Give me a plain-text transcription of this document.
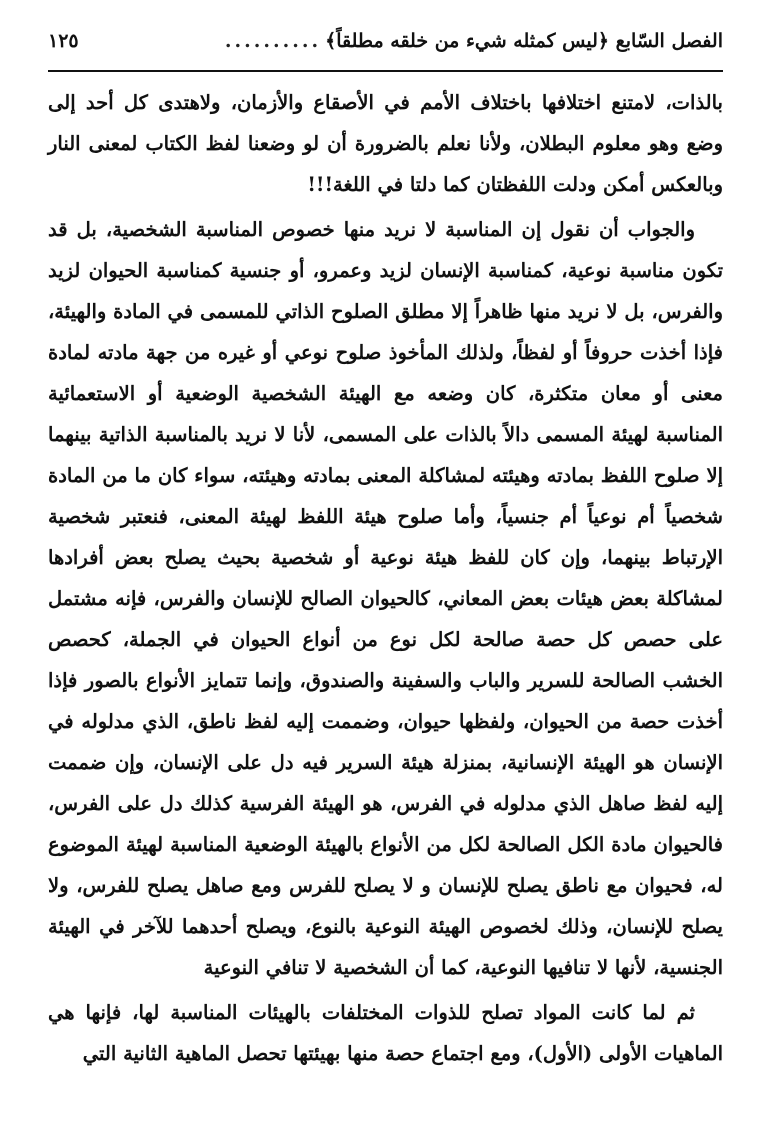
الفصل السّابع ﴿ليس كمثله شيء من خلقه مطلقاً﴾
..........
١٢٥

بالذات، لامتنع اختلافها باختلاف الأمم في الأصقاع والأزمان، ولاهتدى كل أحد إلى وضع وهو معلوم البطلان، ولأنا نعلم بالضرورة أن لو وضعنا لفظ الكتاب لمعنى النار وبالعكس أمكن ودلت اللفظتان كما دلتا في اللغة!!!

والجواب أن نقول إن المناسبة لا نريد منها خصوص المناسبة الشخصية، بل قد تكون مناسبة نوعية، كمناسبة الإنسان لزيد وعمرو، أو جنسية كمناسبة الحيوان لزيد والفرس، بل لا نريد منها ظاهراً إلا مطلق الصلوح الذاتي للمسمى في المادة والهيئة، فإذا أخذت حروفاً أو لفظاً، ولذلك المأخوذ صلوح نوعي أو غيره من جهة مادته لمادة معنى أو معان متكثرة، كان وضعه مع الهيئة الشخصية الوضعية أو الاستعمائية المناسبة لهيئة المسمى دالاً بالذات على المسمى، لأنا لا نريد بالمناسبة الذاتية بينهما إلا صلوح اللفظ بمادته وهيئته لمشاكلة المعنى بمادته وهيئته، سواء كان ما من المادة شخصياً أم نوعياً أم جنسياً، وأما صلوح هيئة اللفظ لهيئة المعنى، فنعتبر شخصية الإرتباط بينهما، وإن كان للفظ هيئة نوعية أو شخصية بحيث يصلح بعض أفرادها لمشاكلة بعض هيئات بعض المعاني، كالحيوان الصالح للإنسان والفرس، فإنه مشتمل على حصص كل حصة صالحة لكل نوع من أنواع الحيوان في الجملة، كحصص الخشب الصالحة للسرير والباب والسفينة والصندوق، وإنما تتمايز الأنواع بالصور فإذا أخذت حصة من الحيوان، ولفظها حيوان، وضممت إليه لفظ ناطق، الذي مدلوله في الإنسان هو الهيئة الإنسانية، بمنزلة هيئة السرير فيه دل على الإنسان، وإن ضممت إليه لفظ صاهل الذي مدلوله في الفرس، هو الهيئة الفرسية كذلك دل على الفرس، فالحيوان مادة الكل الصالحة لكل من الأنواع بالهيئة الوضعية المناسبة لهيئة الموضوع له، فحيوان مع ناطق يصلح للإنسان و لا يصلح للفرس ومع صاهل يصلح للفرس، ولا يصلح للإنسان، وذلك لخصوص الهيئة النوعية بالنوع، ويصلح أحدهما للآخر في الهيئة الجنسية، لأنها لا تنافيها النوعية، كما أن الشخصية لا تنافي النوعية

ثم لما كانت المواد تصلح للذوات المختلفات بالهيئات المناسبة لها، فإنها هي الماهيات الأولى (الأول)، ومع اجتماع حصة منها بهيئتها تحصل الماهية الثانية التي
